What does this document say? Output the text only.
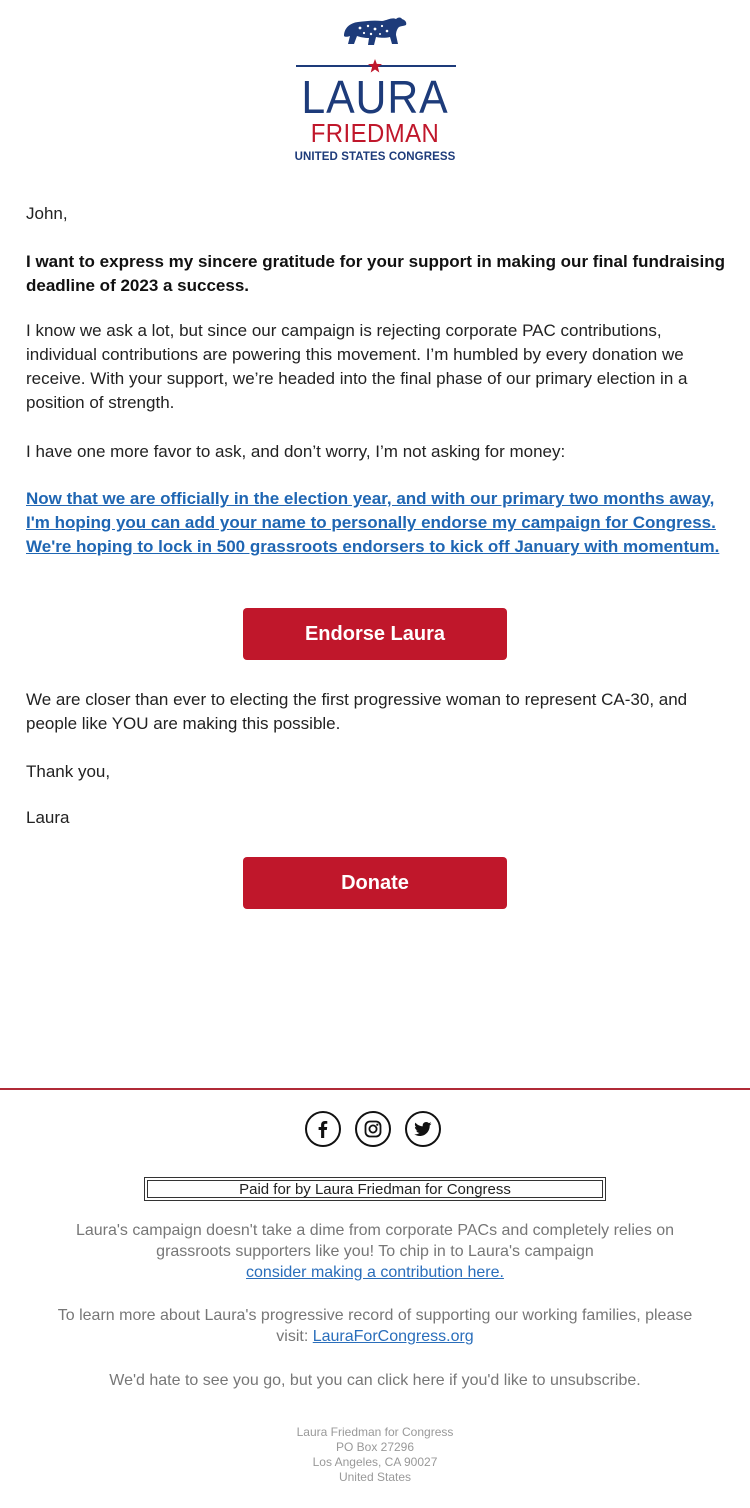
LAURA
FRIEDMAN
UNITED STATES CONGRESS

John,

I want to express my sincere gratitude for your support in making our final fundraising deadline of 2023 a success.

I know we ask a lot, but since our campaign is rejecting corporate PAC contributions, individual contributions are powering this movement. I’m humbled by every donation we receive. With your support, we’re headed into the final phase of our primary election in a position of strength.

I have one more favor to ask, and don’t worry, I’m not asking for money:

Now that we are officially in the election year, and with our primary two months away, I'm hoping you can add your name to personally endorse my campaign for Congress. We're hoping to lock in 500 grassroots endorsers to kick off January with momentum.
Endorse Laura

We are closer than ever to electing the first progressive woman to represent CA-30, and people like YOU are making this possible.

Thank you,

Laura

Donate
Paid for by Laura Friedman for Congress

Laura's campaign doesn't take a dime from corporate PACs and completely relies on grassroots supporters like you! To chip in to Laura's campaign
consider making a contribution here.

To learn more about Laura's progressive record of supporting our working families, please visit: LauraForCongress.org

We'd hate to see you go, but you can click here if you'd like to unsubscribe.

Laura Friedman for Congress
PO Box 27296
Los Angeles, CA 90027
United States
